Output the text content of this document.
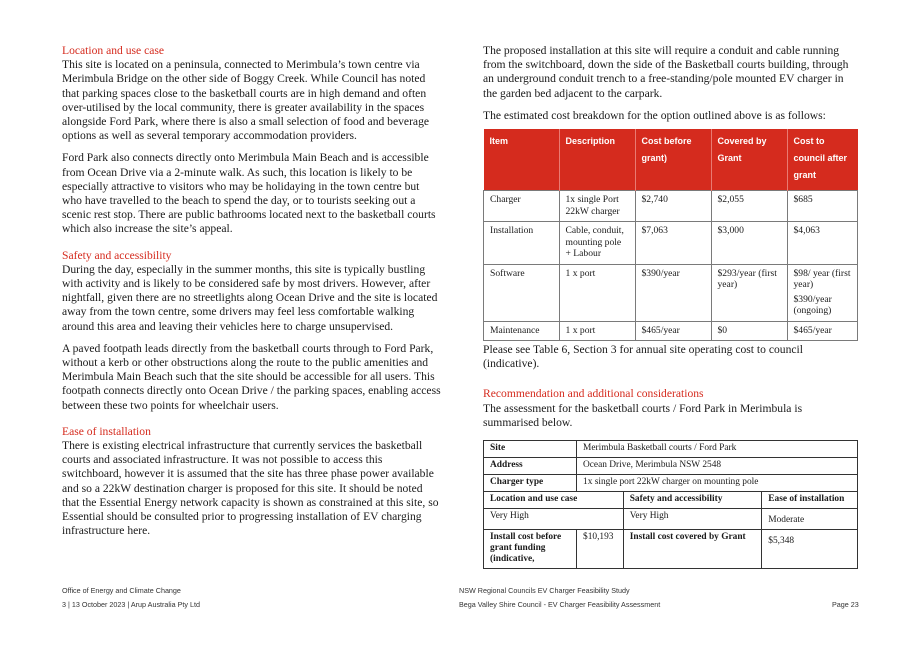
Location and use case

This site is located on a peninsula, connected to Merimbula’s town centre via Merimbula Bridge on the other side of Boggy Creek. While Council has noted that parking spaces close to the basketball courts are in high demand and often over-utilised by the local community, there is greater availability in the spaces alongside Ford Park, where there is also a small selection of food and beverage options as well as several temporary accommodation providers.

Ford Park also connects directly onto Merimbula Main Beach and is accessible from Ocean Drive via a 2-minute walk. As such, this location is likely to be especially attractive to visitors who may be holidaying in the town centre but who have travelled to the beach to spend the day, or to tourists seeking out a scenic rest stop. There are public bathrooms located next to the basketball courts which also increase the site’s appeal.

Safety and accessibility

During the day, especially in the summer months, this site is typically bustling with activity and is likely to be considered safe by most drivers. However, after nightfall, given there are no streetlights along Ocean Drive and the site is located away from the town centre, some drivers may feel less comfortable walking around this area and leaving their vehicles here to charge unsupervised.

A paved footpath leads directly from the basketball courts through to Ford Park, without a kerb or other obstructions along the route to the public amenities and Merimbula Main Beach such that the site should be accessible for all users. This footpath connects directly onto Ocean Drive / the parking spaces, enabling access between these two points for wheelchair users.

Ease of installation

There is existing electrical infrastructure that currently services the basketball courts and associated infrastructure. It was not possible to access this switchboard, however it is assumed that the site has three phase power available and so a 22kW destination charger is proposed for this site. It should be noted that the Essential Energy network capacity is shown as constrained at this site, so Essential should be consulted prior to progressing installation of EV charging infrastructure here.

The proposed installation at this site will require a conduit and cable running from the switchboard, down the side of the Basketball courts building, through an underground conduit trench to a free-standing/pole mounted EV charger in the garden bed adjacent to the carpark.

The estimated cost breakdown for the option outlined above is as follows:

Item	Description	Cost before grant)	Covered by Grant	Cost to council after grant
Charger	1x single Port 22kW charger	$2,740	$2,055	$685
Installation	Cable, conduit, mounting pole + Labour	$7,063	$3,000	$4,063
Software	1 x port	$390/year	$293/year (first year)	$98/ year (first year)
$390/year (ongoing)

Maintenance	1 x port	$465/year	$0	$465/year

Please see Table 6, Section 3 for annual site operating cost to council (indicative).

Recommendation and additional considerations

The assessment for the basketball courts / Ford Park in Merimbula is summarised below.

Site	Merimbula Basketball courts / Ford Park		
Address	Ocean Drive, Merimbula NSW 2548		
Charger type	1x single port 22kW charger on mounting pole		
Location and use case		Safety and accessibility	Ease of installation
Very High		Very High	Moderate
Install cost before grant funding (indicative,	$10,193	Install cost covered by Grant	$5,348
Office of Energy and Climate Change
3 | 13 October 2023 | Arup Australia Pty Ltd
NSW Regional Councils EV Charger Feasibility Study
Bega Valley Shire Council - EV Charger Feasibility Assessment	Page 23
